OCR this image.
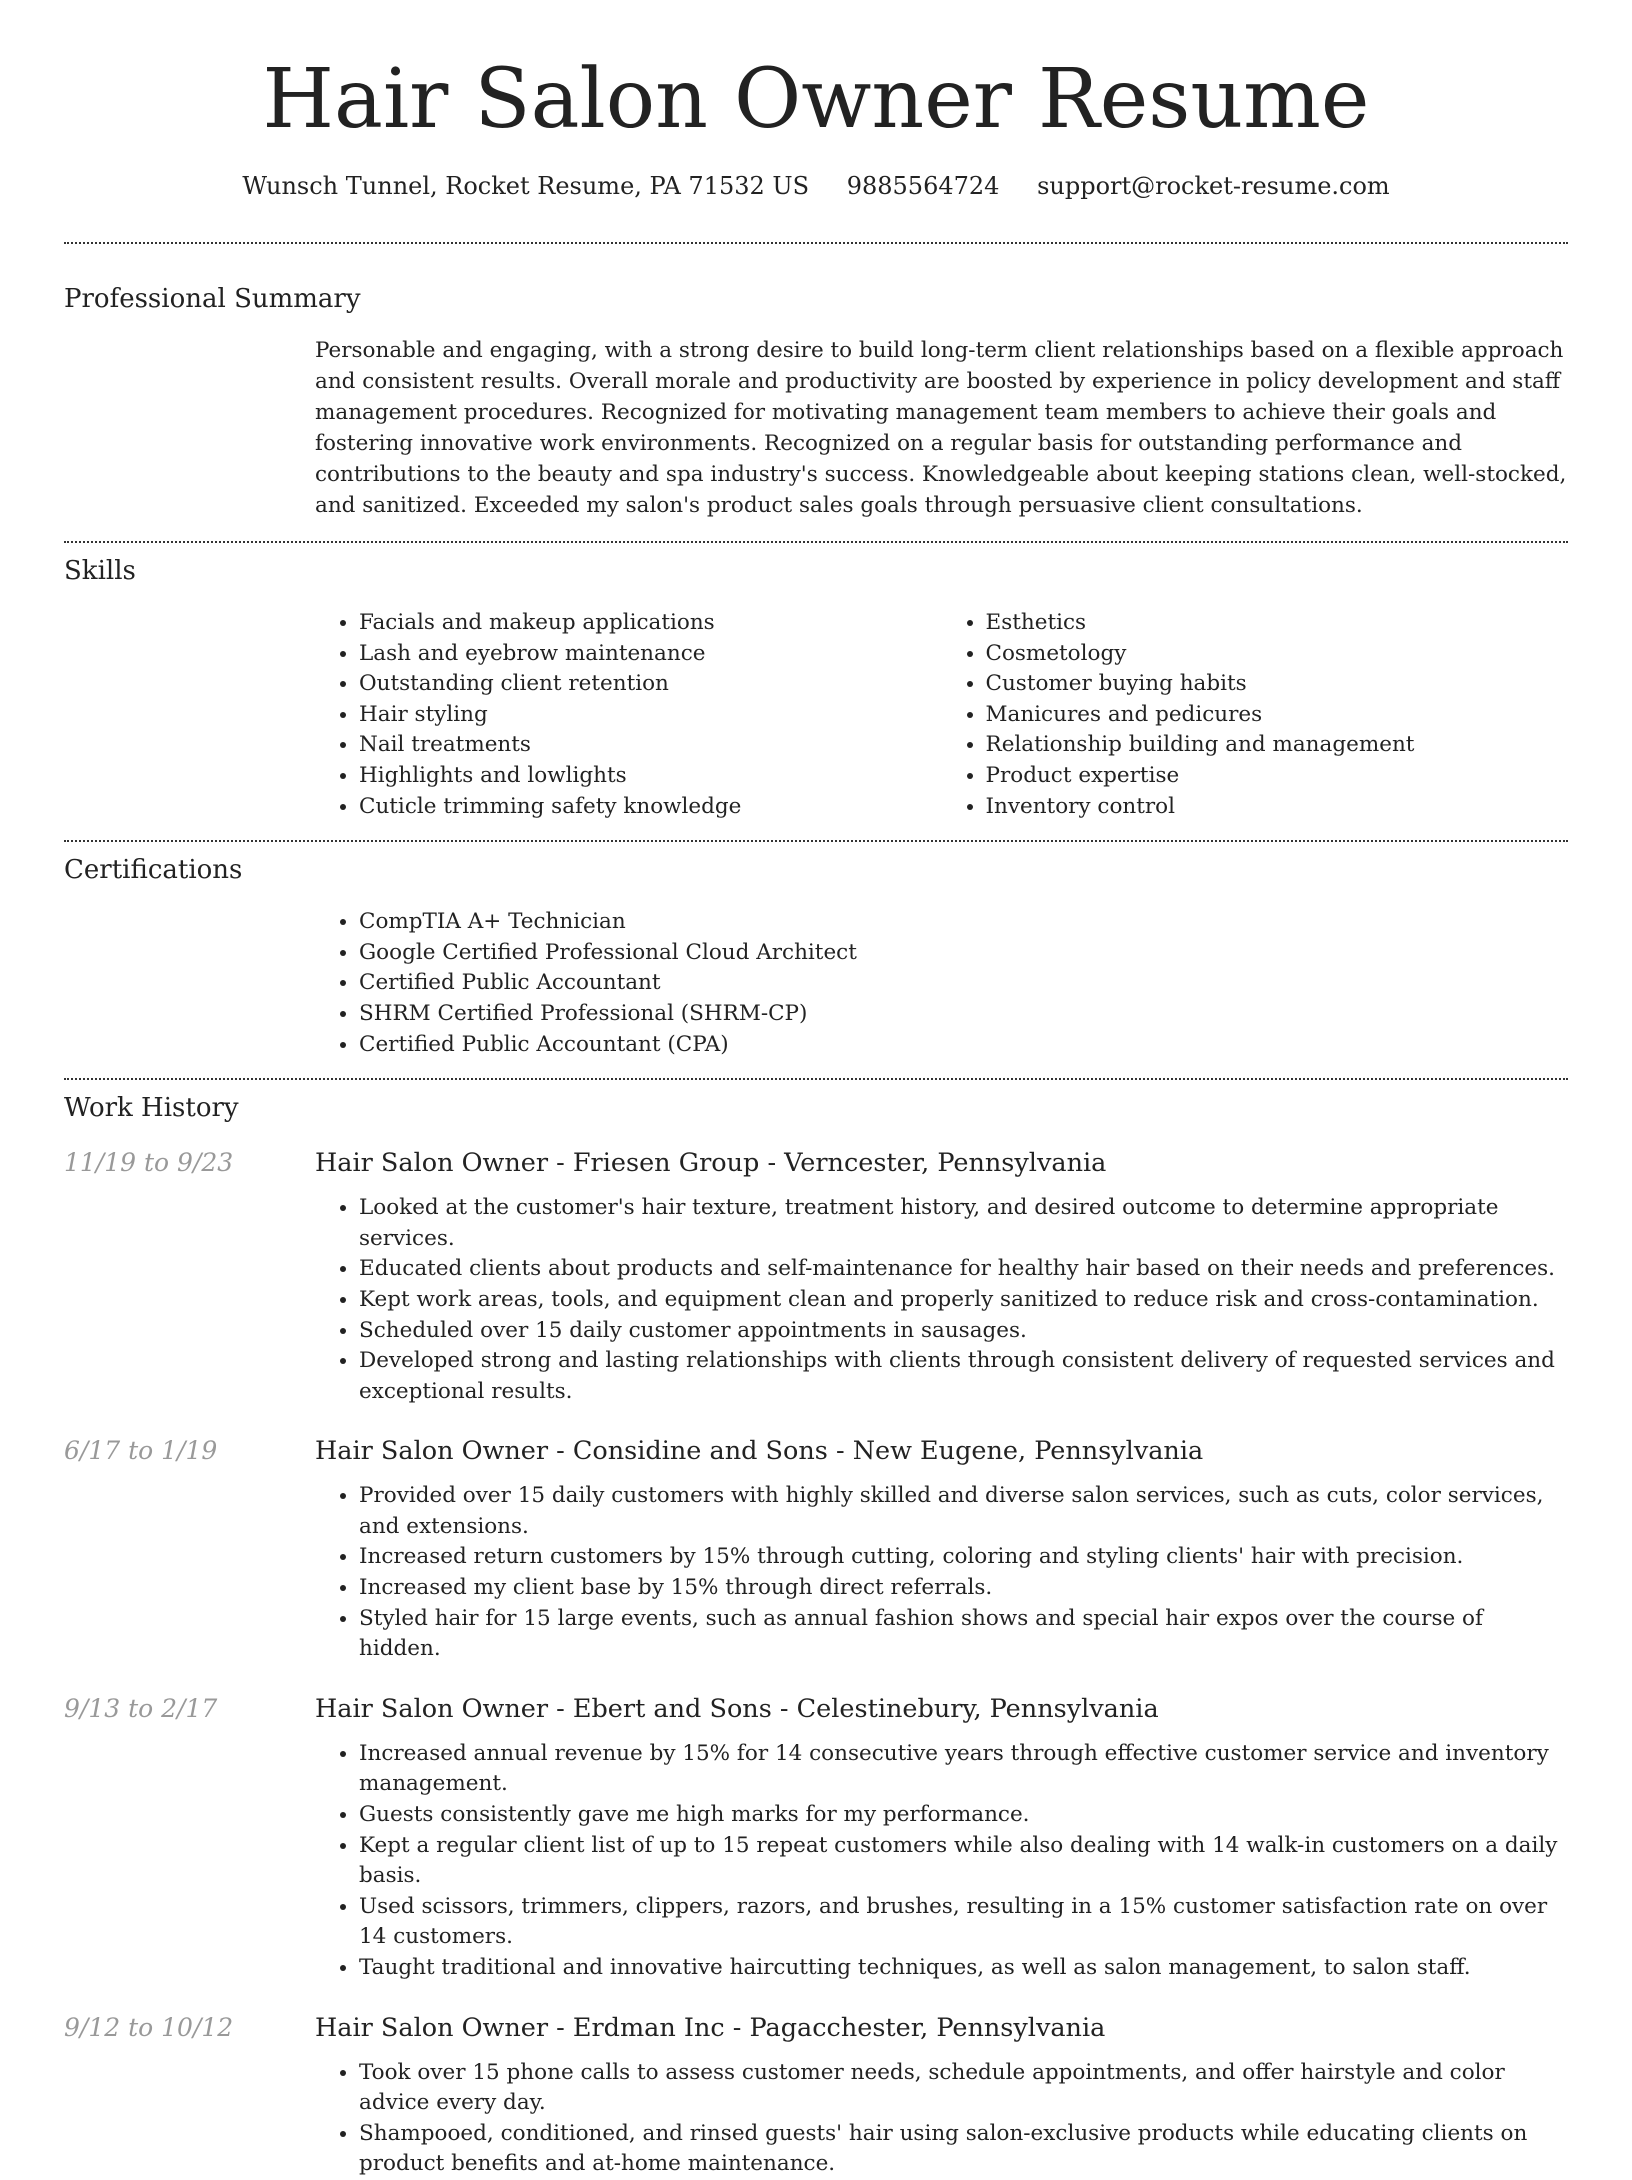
Hair Salon Owner Resume
Wunsch Tunnel, Rocket Resume, PA 71532 US 9885564724 support@rocket-resume.com
Professional Summary

Personable and engaging, with a strong desire to build long-term client relationships based on a flexible approach and consistent results. Overall morale and productivity are boosted by experience in policy development and staff management procedures. Recognized for motivating management team members to achieve their goals and fostering innovative work environments. Recognized on a regular basis for outstanding performance and contributions to the beauty and spa industry's success. Knowledgeable about keeping stations clean, well-stocked, and sanitized. Exceeded my salon's product sales goals through persuasive client consultations.

Skills
• Facials and makeup applications
• Lash and eyebrow maintenance
• Outstanding client retention
• Hair styling
• Nail treatments
• Highlights and lowlights
• Cuticle trimming safety knowledge
• Esthetics
• Cosmetology
• Customer buying habits
• Manicures and pedicures
• Relationship building and management
• Product expertise
• Inventory control
Certifications
• CompTIA A+ Technician
• Google Certified Professional Cloud Architect
• Certified Public Accountant
• SHRM Certified Professional (SHRM-CP)
• Certified Public Accountant (CPA)
Work History
11/19 to 9/23	Hair Salon Owner - Friesen Group - Verncester, Pennsylvania
• Looked at the customer's hair texture, treatment history, and desired outcome to determine appropriate services.
• Educated clients about products and self-maintenance for healthy hair based on their needs and preferences.
• Kept work areas, tools, and equipment clean and properly sanitized to reduce risk and cross-contamination.
• Scheduled over 15 daily customer appointments in sausages.
• Developed strong and lasting relationships with clients through consistent delivery of requested services and exceptional results.
6/17 to 1/19	Hair Salon Owner - Considine and Sons - New Eugene, Pennsylvania
• Provided over 15 daily customers with highly skilled and diverse salon services, such as cuts, color services, and extensions.
• Increased return customers by 15% through cutting, coloring and styling clients' hair with precision.
• Increased my client base by 15% through direct referrals.
• Styled hair for 15 large events, such as annual fashion shows and special hair expos over the course of hidden.
9/13 to 2/17	Hair Salon Owner - Ebert and Sons - Celestinebury, Pennsylvania
• Increased annual revenue by 15% for 14 consecutive years through effective customer service and inventory management.
• Guests consistently gave me high marks for my performance.
• Kept a regular client list of up to 15 repeat customers while also dealing with 14 walk-in customers on a daily basis.
• Used scissors, trimmers, clippers, razors, and brushes, resulting in a 15% customer satisfaction rate on over 14 customers.
• Taught traditional and innovative haircutting techniques, as well as salon management, to salon staff.
9/12 to 10/12	Hair Salon Owner - Erdman Inc - Pagacchester, Pennsylvania
• Took over 15 phone calls to assess customer needs, schedule appointments, and offer hairstyle and color advice every day.
• Shampooed, conditioned, and rinsed guests' hair using salon-exclusive products while educating clients on product benefits and at-home maintenance.
